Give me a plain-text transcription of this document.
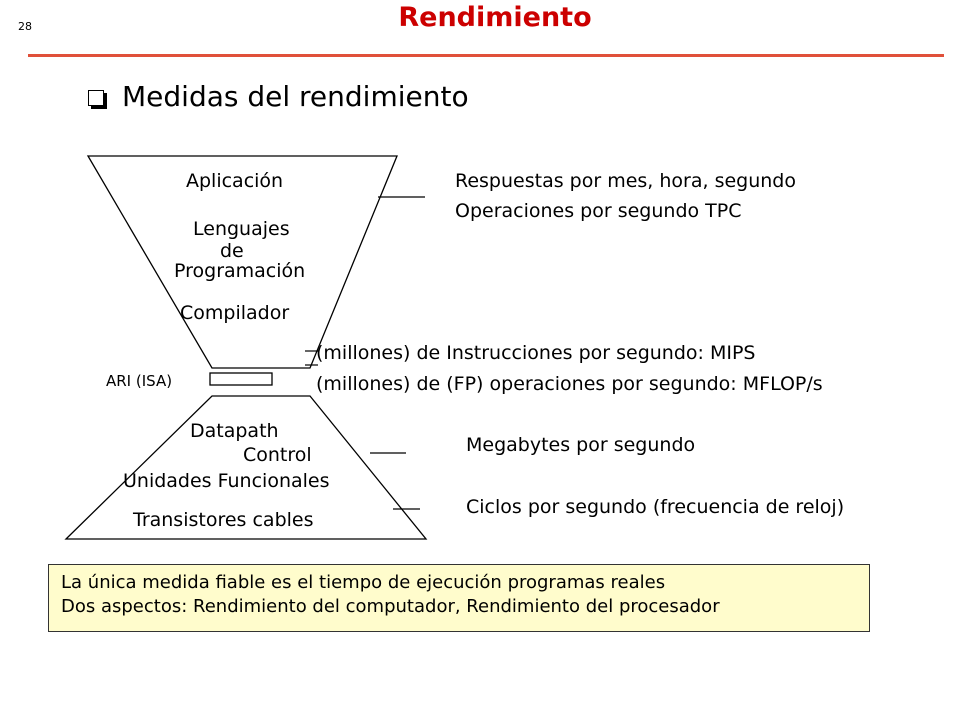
28	Rendimiento
Medidas del rendimiento
Aplicación
Lenguajes
de
Programación
Compilador
ARI (ISA)
Datapath
Control
Unidades Funcionales
Transistores cables
Respuestas por mes, hora, segundo
Operaciones por segundo TPC
(millones) de Instrucciones por segundo: MIPS
(millones) de (FP) operaciones por segundo: MFLOP/s
Megabytes por segundo
Ciclos por segundo (frecuencia de reloj)
La única medida fiable es el tiempo de ejecución programas reales
Dos aspectos: Rendimiento del computador, Rendimiento del procesador
